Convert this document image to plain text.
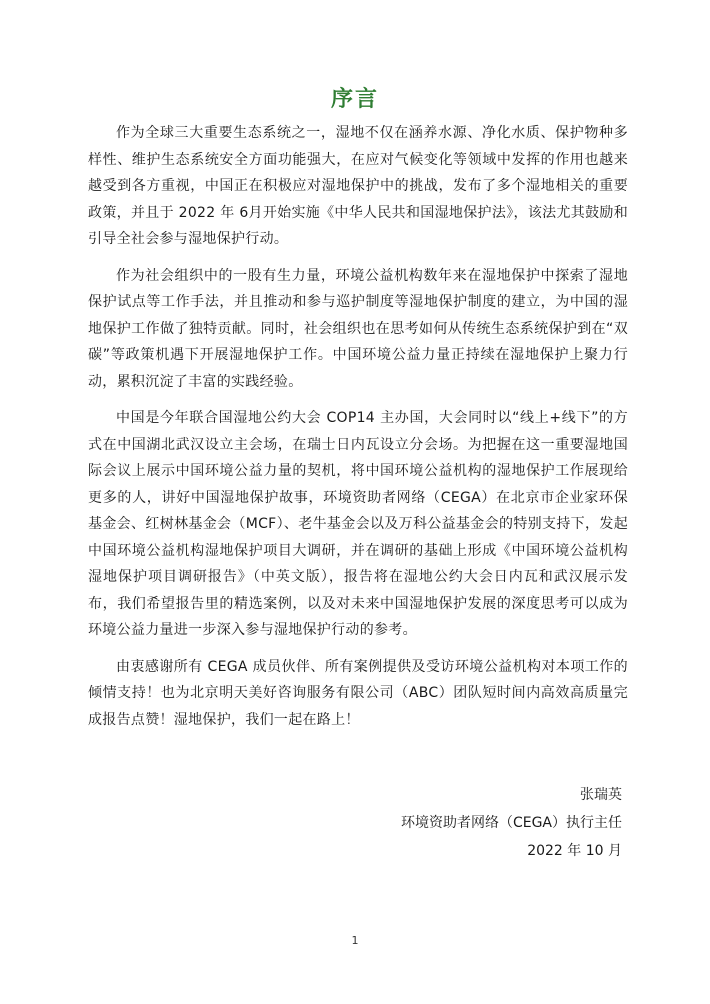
序言

作为全球三大重要生态系统之一，湿地不仅在涵养水源、净化水质、保护物种多样性、维护生态系统安全方面功能强大，在应对气候变化等领域中发挥的作用也越来越受到各方重视，中国正在积极应对湿地保护中的挑战，发布了多个湿地相关的重要政策，并且于 2022 年 6月开始实施《中华人民共和国湿地保护法》，该法尤其鼓励和引导全社会参与湿地保护行动。

作为社会组织中的一股有生力量，环境公益机构数年来在湿地保护中探索了湿地保护试点等工作手法，并且推动和参与巡护制度等湿地保护制度的建立，为中国的湿地保护工作做了独特贡献。同时，社会组织也在思考如何从传统生态系统保护到在“双碳”等政策机遇下开展湿地保护工作。中国环境公益力量正持续在湿地保护上聚力行动，累积沉淀了丰富的实践经验。

中国是今年联合国湿地公约大会 COP14 主办国，大会同时以“线上+线下”的方式在中国湖北武汉设立主会场，在瑞士日内瓦设立分会场。为把握在这一重要湿地国际会议上展示中国环境公益力量的契机，将中国环境公益机构的湿地保护工作展现给更多的人，讲好中国湿地保护故事，环境资助者网络（CEGA）在北京市企业家环保基金会、红树林基金会（MCF）、老牛基金会以及万科公益基金会的特别支持下，发起中国环境公益机构湿地保护项目大调研，并在调研的基础上形成《中国环境公益机构湿地保护项目调研报告》（中英文版），报告将在湿地公约大会日内瓦和武汉展示发布，我们希望报告里的精选案例，以及对未来中国湿地保护发展的深度思考可以成为环境公益力量进一步深入参与湿地保护行动的参考。

由衷感谢所有 CEGA 成员伙伴、所有案例提供及受访环境公益机构对本项工作的倾情支持！也为北京明天美好咨询服务有限公司（ABC）团队短时间内高效高质量完成报告点赞！湿地保护，我们一起在路上！

张瑞英
环境资助者网络（CEGA）执行主任
2022 年 10 月
1
